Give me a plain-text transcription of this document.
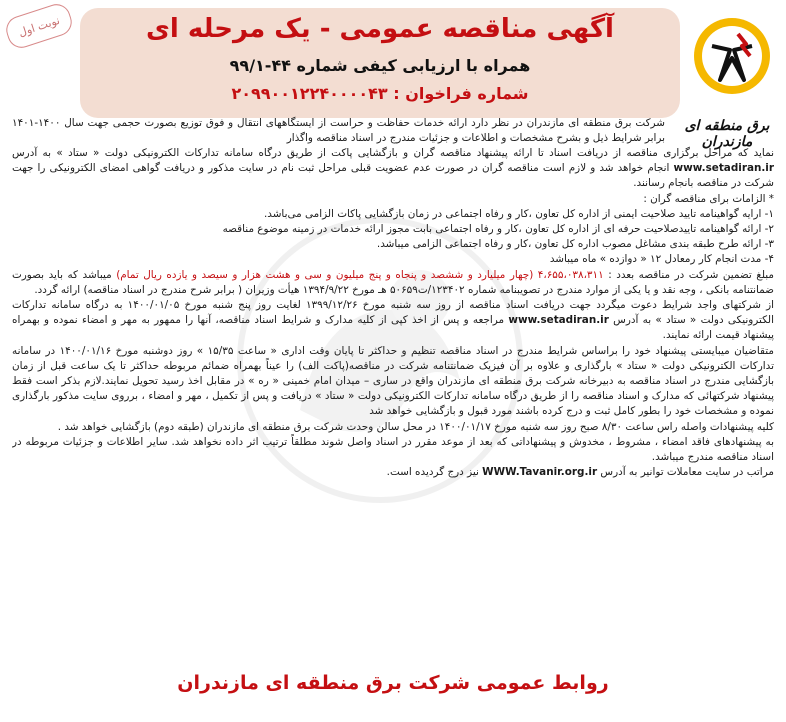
نوبت اول	آگهی مناقصه عمومی - یک مرحله ای
همراه با ارزیابی کیفی شماره ۴۴-۹۹/۱
شماره فراخوان : ۲۰۹۹۰۰۱۲۲۴۰۰۰۰۴۳
برق منطقه ای مازندران

شرکت برق منطقه ای مازندران در نظر دارد ارائه خدمات حفاظت و حراست از ایستگاههای انتقال و فوق توزیع بصورت حجمی جهت سال ۱۴۰۰-۱۴۰۱ برابر شرایط ذیل و بشرح مشخصات و اطلاعات و جزئیات مندرج در اسناد مناقصه واگذار

نماید که مراحل برگزاری مناقصه از دریافت اسناد تا ارائه پیشنهاد مناقصه گران و بازگشایی پاکت از طریق درگاه سامانه تدارکات الکترونیکی دولت « ستاد » به آدرس www.setadiran.ir انجام خواهد شد و لازم است مناقصه گران در صورت عدم عضویت قبلی مراحل ثبت نام در سایت مذکور و دریافت گواهی امضای الکترونیکی را جهت شرکت در مناقصه بانجام رسانند.

* الزامات برای مناقصه گران :

۱- ارایه گواهینامه تایید صلاحیت ایمنی از اداره کل تعاون ،کار و رفاه اجتماعی در زمان بازگشایی پاکات الزامی می‌باشد.

۲- ارائه گواهینامه تاییدصلاحیت حرفه ای از اداره کل تعاون ،کار و رفاه اجتماعی بابت مجوز ارائه خدمات در زمینه موضوع مناقصه

۳- ارائه طرح طبقه بندی مشاغل مصوب اداره کل تعاون ،کار و رفاه اجتماعی الزامی میباشد.

۴- مدت انجام کار رمعادل ۱۲ « دوازده » ماه میباشد

مبلغ تضمین شرکت در مناقصه بعدد : ۴،۶۵۵،۰۳۸،۳۱۱ (چهار میلیارد و ششصد و پنجاه و پنج میلیون و سی و هشت هزار و سیصد و یازده ریال تمام) میباشد که باید بصورت ضمانتنامه بانکی ، وجه نقد و یا یکی از موارد مندرج در تصویبنامه شماره ۱۲۳۴۰۲/ت۵۰۶۵۹ هـ مورخ ۱۳۹۴/۹/۲۲ هیأت وزیران ( برابر شرح مندرج در اسناد مناقصه) ارائه گردد.

از شرکتهای واجد شرایط دعوت میگردد جهت دریافت اسناد مناقصه از روز سه شنبه مورخ ۱۳۹۹/۱۲/۲۶ لغایت روز پنج شنبه مورخ ۱۴۰۰/۰۱/۰۵ به درگاه سامانه تدارکات الکترونیکی دولت « ستاد » به آدرس www.setadiran.ir مراجعه و پس از اخذ کپی از کلیه مدارک و شرایط اسناد مناقصه، آنها را ممهور به مهر و امضاء نموده و بهمراه پیشنهاد قیمت ارائه نمایند.

متقاضیان میبایستی پیشنهاد خود را براساس شرایط مندرج در اسناد مناقصه تنظیم و حداکثر تا پایان وقت اداری « ساعت ۱۵/۳۵ » روز دوشنبه مورخ ۱۴۰۰/۰۱/۱۶ در سامانه تدارکات الکترونیکی دولت « ستاد » بارگذاری و علاوه بر آن فیزیک ضمانتنامه شرکت در مناقصه(پاکت الف) را عیناً بهمراه ضمائم مربوطه حداکثر تا یک ساعت قبل از زمان بازگشایی مندرج در اسناد مناقصه به دبیرخانه شرکت برق منطقه ای مازندران واقع در ساری – میدان امام خمینی « ره » در مقابل اخذ رسید تحویل نمایند.لازم بذکر است فقط پیشنهاد شرکتهائی که مدارک و اسناد مناقصه را از طریق درگاه سامانه تدارکات الکترونیکی دولت « ستاد » دریافت و پس از تکمیل ، مهر و امضاء ، برروی سایت مذکور بارگذاری نموده و مشخصات خود را بطور کامل ثبت و درج کرده باشند مورد قبول و بازگشایی خواهد شد

کلیه پیشنهادات واصله راس ساعت ۸/۳۰ صبح روز سه شنبه مورخ ۱۴۰۰/۰۱/۱۷ در محل سالن وحدت شرکت برق منطقه ای مازندران (طبقه دوم) بازگشایی خواهد شد .

به پیشنهادهای فاقد امضاء ، مشروط ، مخدوش و پیشنهاداتی که بعد از موعد مقرر در اسناد واصل شوند مطلقاً ترتیب اثر داده نخواهد شد. سایر اطلاعات و جزئیات مربوطه در اسناد مناقصه مندرج میباشد.

مراتب در سایت معاملات توانیر به آدرس WWW.Tavanir.org.ir نیز درج گردیده است.

روابط عمومی شرکت برق منطقه ای مازندران
